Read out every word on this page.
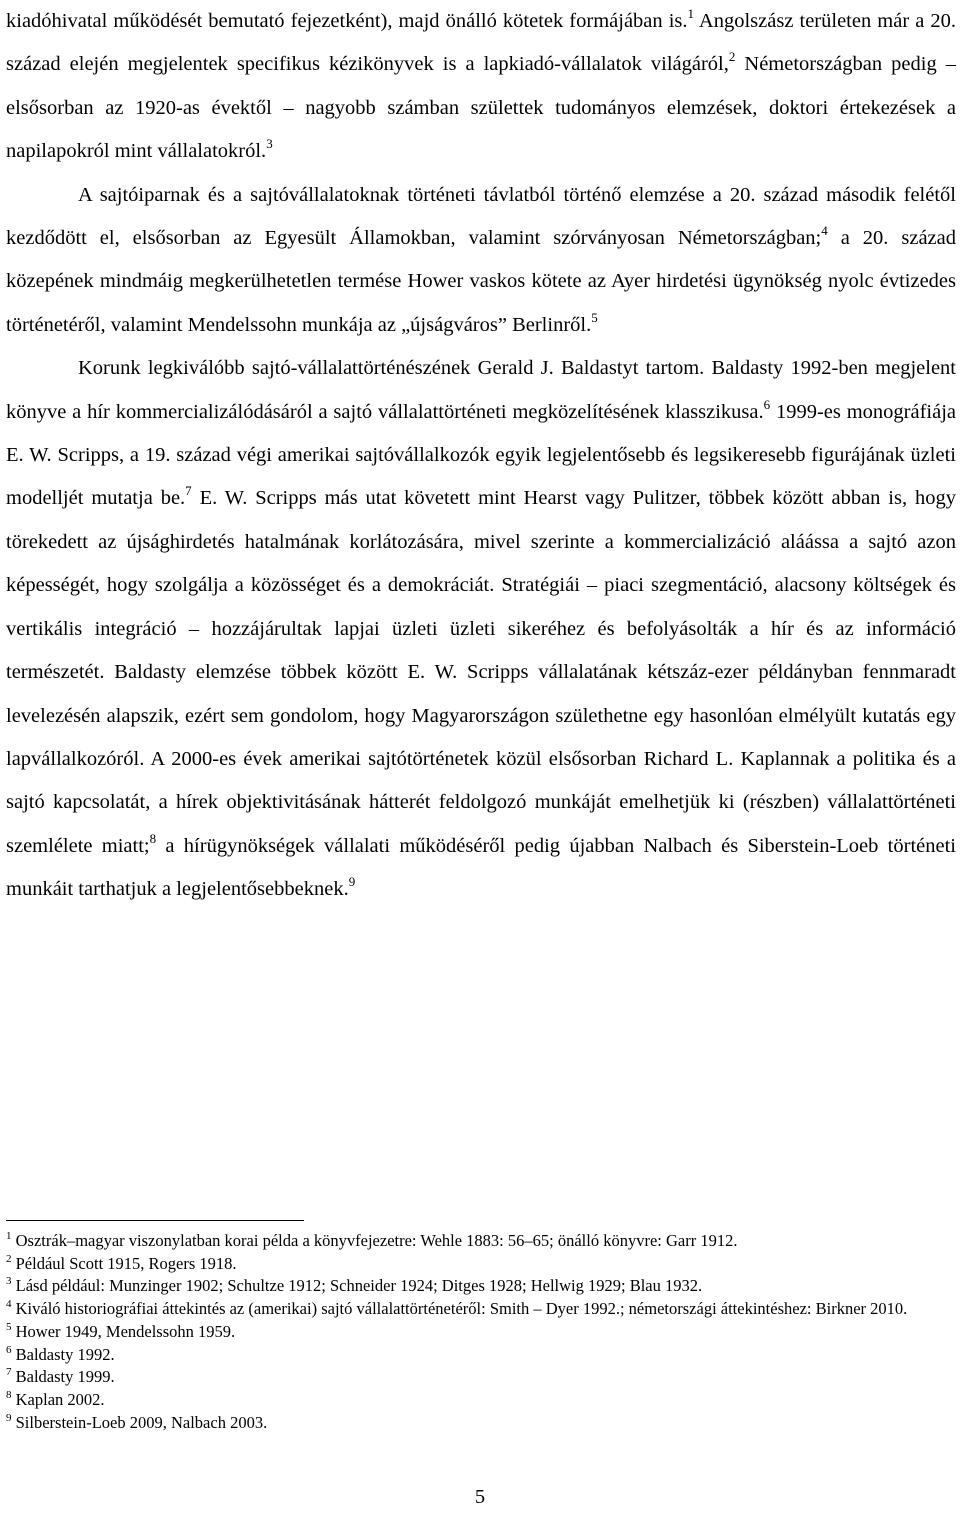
kiadóhivatal működését bemutató fejezetként), majd önálló kötetek formájában is.$^1$ Angolszász területen már a 20. század elején megjelentek specifikus kézikönyvek is a lapkiadó-vállalatok világáról,$^2$ Németországban pedig – elsősorban az 1920-as évektől – nagyobb számban születtek tudományos elemzések, doktori értekezések a napilapokról mint vállalatokról.$^3$

A sajtóiparnak és a sajtóvállalatoknak történeti távlatból történő elemzése a 20. század második felétől kezdődött el, elsősorban az Egyesült Államokban, valamint szórványosan Németországban;$^4$ a 20. század közepének mindmáig megkerülhetetlen termése Hower vaskos kötete az Ayer hirdetési ügynökség nyolc évtizedes történetéről, valamint Mendelssohn munkája az „újságváros” Berlinről.$^5$

Korunk legkiválóbb sajtó-vállalattörténészének Gerald J. Baldastyt tartom. Baldasty 1992-ben megjelent könyve a hír kommercializálódásáról a sajtó vállalattörténeti megközelítésének klasszikusa.$^6$ 1999-es monográfiája E. W. Scripps, a 19. század végi amerikai sajtóvállalkozók egyik legjelentősebb és legsikeresebb figurájának üzleti modelljét mutatja be.$^7$ E. W. Scripps más utat követett mint Hearst vagy Pulitzer, többek között abban is, hogy törekedett az újsághirdetés hatalmának korlátozására, mivel szerinte a kommercializáció aláássa a sajtó azon képességét, hogy szolgálja a közösséget és a demokráciát. Stratégiái – piaci szegmentáció, alacsony költségek és vertikális integráció – hozzájárultak lapjai üzleti üzleti sikeréhez és befolyásolták a hír és az információ természetét. Baldasty elemzése többek között E. W. Scripps vállalatának kétszáz-ezer példányban fennmaradt levelezésén alapszik, ezért sem gondolom, hogy Magyarországon születhetne egy hasonlóan elmélyült kutatás egy lapvállalkozóról. A 2000-es évek amerikai sajtótörténetek közül elsősorban Richard L. Kaplannak a politika és a sajtó kapcsolatát, a hírek objektivitásának hátterét feldolgozó munkáját emelhetjük ki (részben) vállalattörténeti szemlélete miatt;$^8$ a hírügynökségek vállalati működéséről pedig újabban Nalbach és Siberstein-Loeb történeti munkáit tarthatjuk a legjelentősebbeknek.$^9$

$^1$ Osztrák–magyar viszonylatban korai példa a könyvfejezetre: Wehle 1883: 56–65; önálló könyvre: Garr 1912.

$^2$ Például Scott 1915, Rogers 1918.

$^3$ Lásd például: Munzinger 1902; Schultze 1912; Schneider 1924; Ditges 1928; Hellwig 1929; Blau 1932.

$^4$ Kiváló historiográfiai áttekintés az (amerikai) sajtó vállalattörténetéről: Smith – Dyer 1992.; németországi áttekintéshez: Birkner 2010.

$^5$ Hower 1949, Mendelssohn 1959.

$^6$ Baldasty 1992.

$^7$ Baldasty 1999.

$^8$ Kaplan 2002.

$^9$ Silberstein-Loeb 2009, Nalbach 2003.

5
